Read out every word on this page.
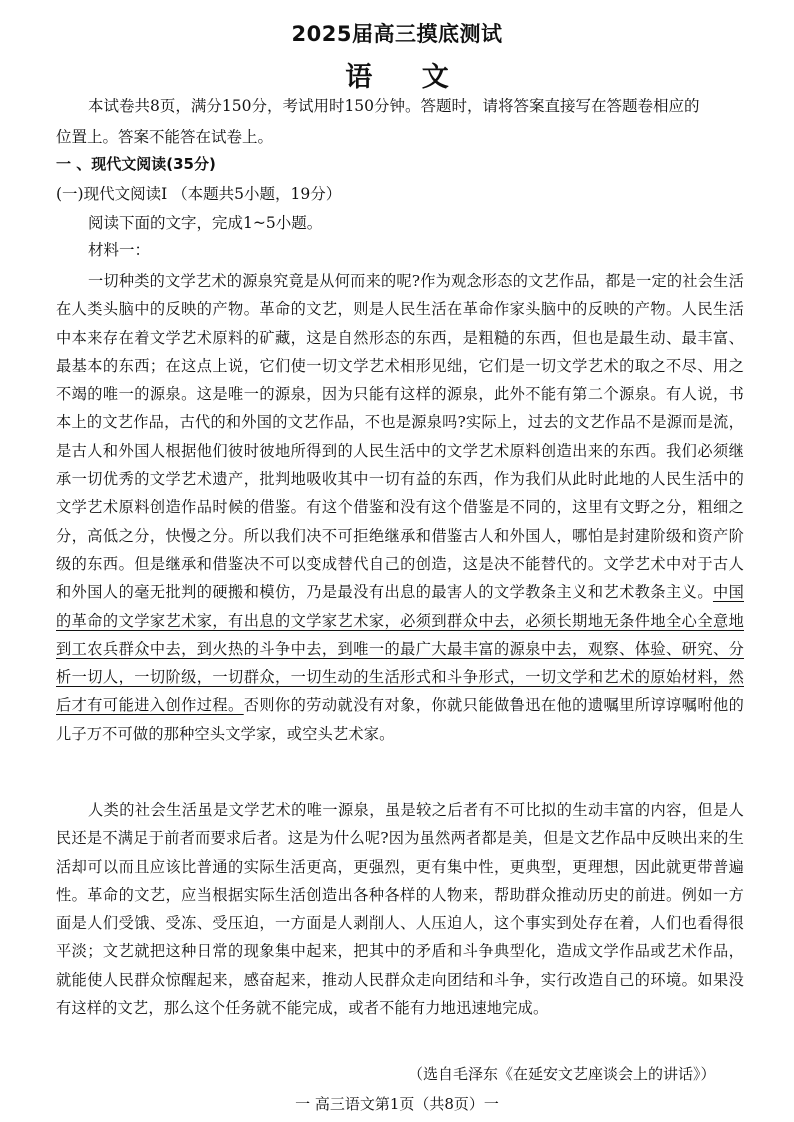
2025届高三摸底测试
语 文
本试卷共8页，满分150分，考试用时150分钟。答题时，请将答案直接写在答题卷相应的
位置上。答案不能答在试卷上。
一 、现代文阅读(35分)
(一)现代文阅读I （本题共5小题，19分）
阅读下面的文字，完成1~5小题。
材料一：

一切种类的文学艺术的源泉究竟是从何而来的呢?作为观念形态的文艺作品，都是一定的社会生活在人类头脑中的反映的产物。革命的文艺，则是人民生活在革命作家头脑中的反映的产物。人民生活中本来存在着文学艺术原料的矿藏，这是自然形态的东西，是粗糙的东西，但也是最生动、最丰富、最基本的东西；在这点上说，它们使一切文学艺术相形见绌，它们是一切文学艺术的取之不尽、用之不竭的唯一的源泉。这是唯一的源泉，因为只能有这样的源泉，此外不能有第二个源泉。有人说，书本上的文艺作品，古代的和外国的文艺作品，不也是源泉吗?实际上，过去的文艺作品不是源而是流，是古人和外国人根据他们彼时彼地所得到的人民生活中的文学艺术原料创造出来的东西。我们必须继承一切优秀的文学艺术遗产，批判地吸收其中一切有益的东西，作为我们从此时此地的人民生活中的文学艺术原料创造作品时候的借鉴。有这个借鉴和没有这个借鉴是不同的，这里有文野之分，粗细之分，高低之分，快慢之分。所以我们决不可拒绝继承和借鉴古人和外国人，哪怕是封建阶级和资产阶级的东西。但是继承和借鉴决不可以变成替代自己的创造，这是决不能替代的。文学艺术中对于古人和外国人的毫无批判的硬搬和模仿，乃是最没有出息的最害人的文学教条主义和艺术教条主义。中国的革命的文学家艺术家，有出息的文学家艺术家，必须到群众中去，必须长期地无条件地全心全意地到工农兵群众中去，到火热的斗争中去，到唯一的最广大最丰富的源泉中去，观察、体验、研究、分析一切人，一切阶级，一切群众，一切生动的生活形式和斗争形式，一切文学和艺术的原始材料，然后才有可能进入创作过程。否则你的劳动就没有对象，你就只能做鲁迅在他的遗嘱里所谆谆嘱咐他的儿子万不可做的那种空头文学家，或空头艺术家。

人类的社会生活虽是文学艺术的唯一源泉，虽是较之后者有不可比拟的生动丰富的内容，但是人民还是不满足于前者而要求后者。这是为什么呢?因为虽然两者都是美，但是文艺作品中反映出来的生活却可以而且应该比普通的实际生活更高，更强烈，更有集中性，更典型，更理想，因此就更带普遍性。革命的文艺，应当根据实际生活创造出各种各样的人物来，帮助群众推动历史的前进。例如一方面是人们受饿、受冻、受压迫，一方面是人剥削人、人压迫人，这个事实到处存在着，人们也看得很平淡；文艺就把这种日常的现象集中起来，把其中的矛盾和斗争典型化，造成文学作品或艺术作品，就能使人民群众惊醒起来，感奋起来，推动人民群众走向团结和斗争，实行改造自己的环境。如果没有这样的文艺，那么这个任务就不能完成，或者不能有力地迅速地完成。

（选自毛泽东《在延安文艺座谈会上的讲话》）
一 高三语文第1页（共8页）一
